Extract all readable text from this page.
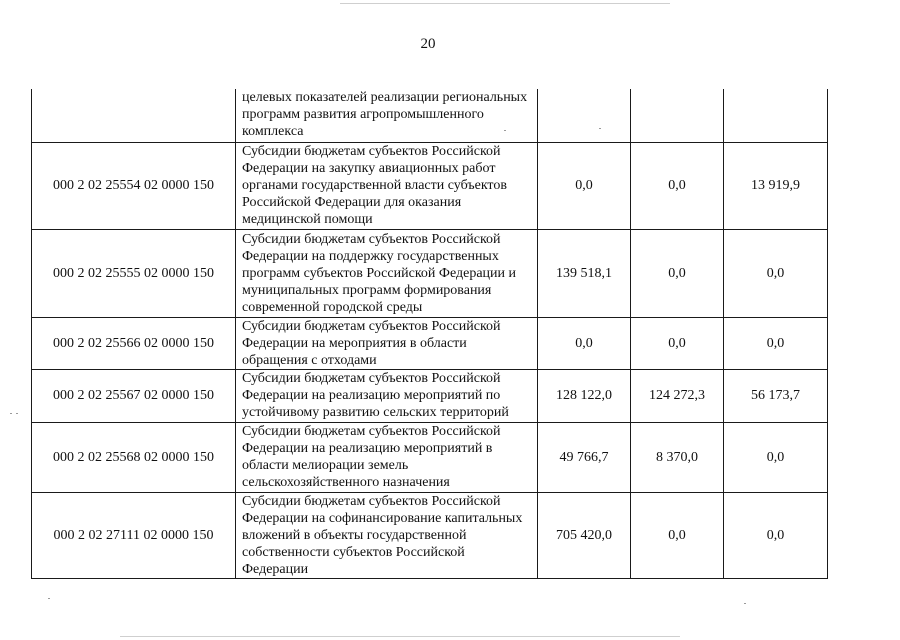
20
	целевых показателей реализации региональных программ развития агропромышленного комплекса			
000 2 02 25554 02 0000 150	Субсидии бюджетам субъектов Российской Федерации на закупку авиационных работ органами государственной власти субъектов Российской Федерации для оказания медицинской помощи	0,0	0,0	13 919,9
000 2 02 25555 02 0000 150	Субсидии бюджетам субъектов Российской Федерации на поддержку государственных программ субъектов Российской Федерации и муниципальных программ формирования современной городской среды	139 518,1	0,0	0,0
000 2 02 25566 02 0000 150	Субсидии бюджетам субъектов Российской Федерации на мероприятия в области обращения с отходами	0,0	0,0	0,0
000 2 02 25567 02 0000 150	Субсидии бюджетам субъектов Российской Федерации на реализацию мероприятий по устойчивому развитию сельских территорий	128 122,0	124 272,3	56 173,7
000 2 02 25568 02 0000 150	Субсидии бюджетам субъектов Российской Федерации на реализацию мероприятий в области мелиорации земель сельскохозяйственного назначения	49 766,7	8 370,0	0,0
000 2 02 27111 02 0000 150	Субсидии бюджетам субъектов Российской Федерации на софинансирование капитальных вложений в объекты государственной собственности субъектов Российской Федерации	705 420,0	0,0	0,0
